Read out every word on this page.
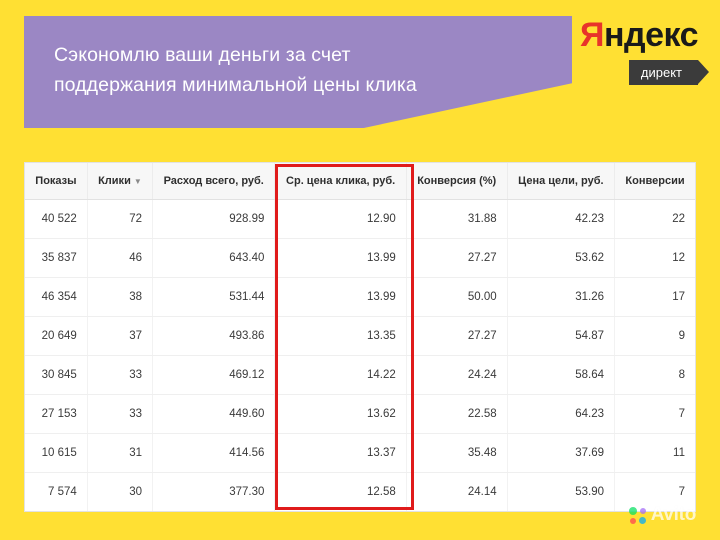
Сэкономлю ваши деньги за счет
поддержания минимальной цены клика
Яндекс
директ
Показы	Клики ▼	Расход всего, руб.	Ср. цена клика, руб.	Конверсия (%)	Цена цели, руб.	Конверсии
40 522	72	928.99	12.90	31.88	42.23	22
35 837	46	643.40	13.99	27.27	53.62	12
46 354	38	531.44	13.99	50.00	31.26	17
20 649	37	493.86	13.35	27.27	54.87	9
30 845	33	469.12	14.22	24.24	58.64	8
27 153	33	449.60	13.62	22.58	64.23	7
10 615	31	414.56	13.37	35.48	37.69	11
7 574	30	377.30	12.58	24.14	53.90	7
Avito
